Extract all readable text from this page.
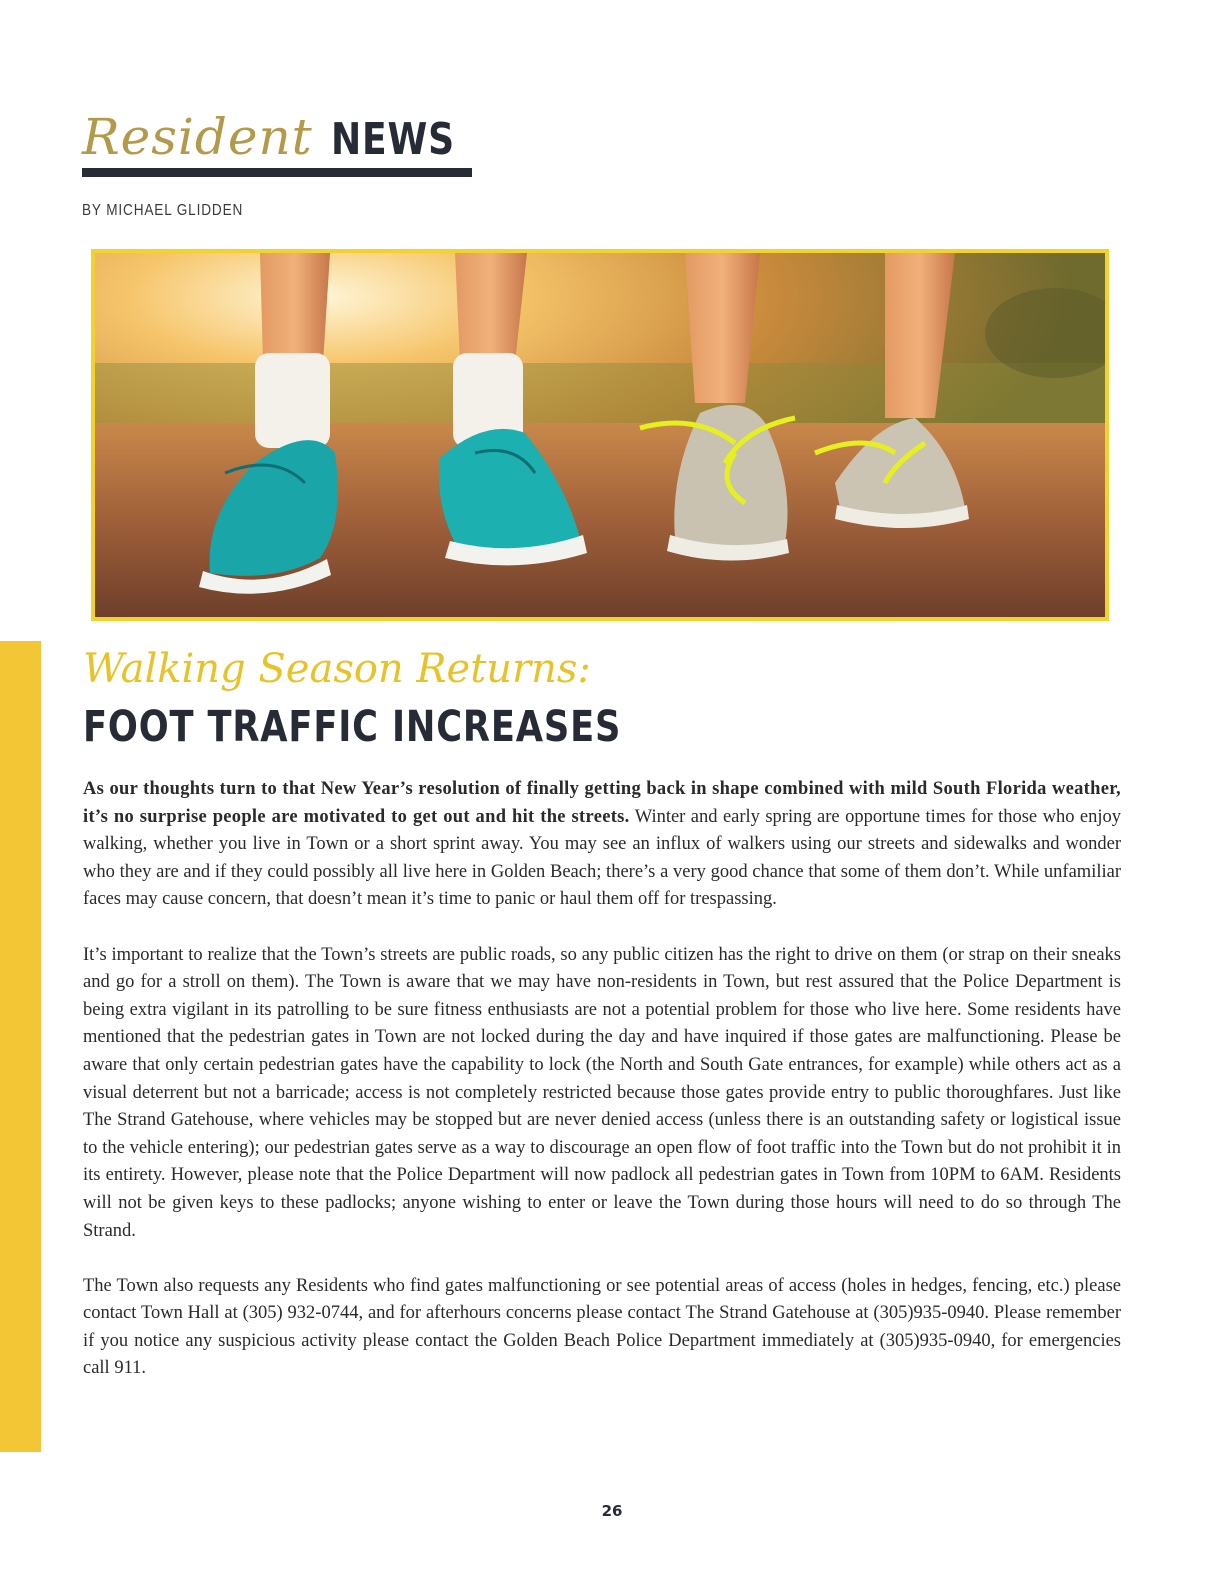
Resident NEWS
BY MICHAEL GLIDDEN
Walking Season Returns:
FOOT TRAFFIC INCREASES

As our thoughts turn to that New Year’s resolution of finally getting back in shape combined with mild South Florida weather, it’s no surprise people are motivated to get out and hit the streets. Winter and early spring are opportune times for those who enjoy walking, whether you live in Town or a short sprint away. You may see an influx of walkers using our streets and sidewalks and wonder who they are and if they could possibly all live here in Golden Beach; there’s a very good chance that some of them don’t. While unfamiliar faces may cause concern, that doesn’t mean it’s time to panic or haul them off for trespassing.

It’s important to realize that the Town’s streets are public roads, so any public citizen has the right to drive on them (or strap on their sneaks and go for a stroll on them). The Town is aware that we may have non-residents in Town, but rest assured that the Police Department is being extra vigilant in its patrolling to be sure fitness enthusiasts are not a potential problem for those who live here. Some residents have mentioned that the pedestrian gates in Town are not locked during the day and have inquired if those gates are malfunctioning. Please be aware that only certain pedestrian gates have the capability to lock (the North and South Gate entrances, for example) while others act as a visual deterrent but not a barricade; access is not completely restricted because those gates provide entry to public thoroughfares. Just like The Strand Gatehouse, where vehicles may be stopped but are never denied access (unless there is an outstanding safety or logistical issue to the vehicle entering); our pedestrian gates serve as a way to discourage an open flow of foot traffic into the Town but do not prohibit it in its entirety. However, please note that the Police Department will now padlock all pedestrian gates in Town from 10PM to 6AM. Residents will not be given keys to these padlocks; anyone wishing to enter or leave the Town during those hours will need to do so through The Strand.

The Town also requests any Residents who find gates malfunctioning or see potential areas of access (holes in hedges, fencing, etc.) please contact Town Hall at (305) 932-0744, and for afterhours concerns please contact The Strand Gatehouse at (305)935-0940. Please remember if you notice any suspicious activity please contact the Golden Beach Police Department immediately at (305)935-0940, for emergencies call 911.

26
